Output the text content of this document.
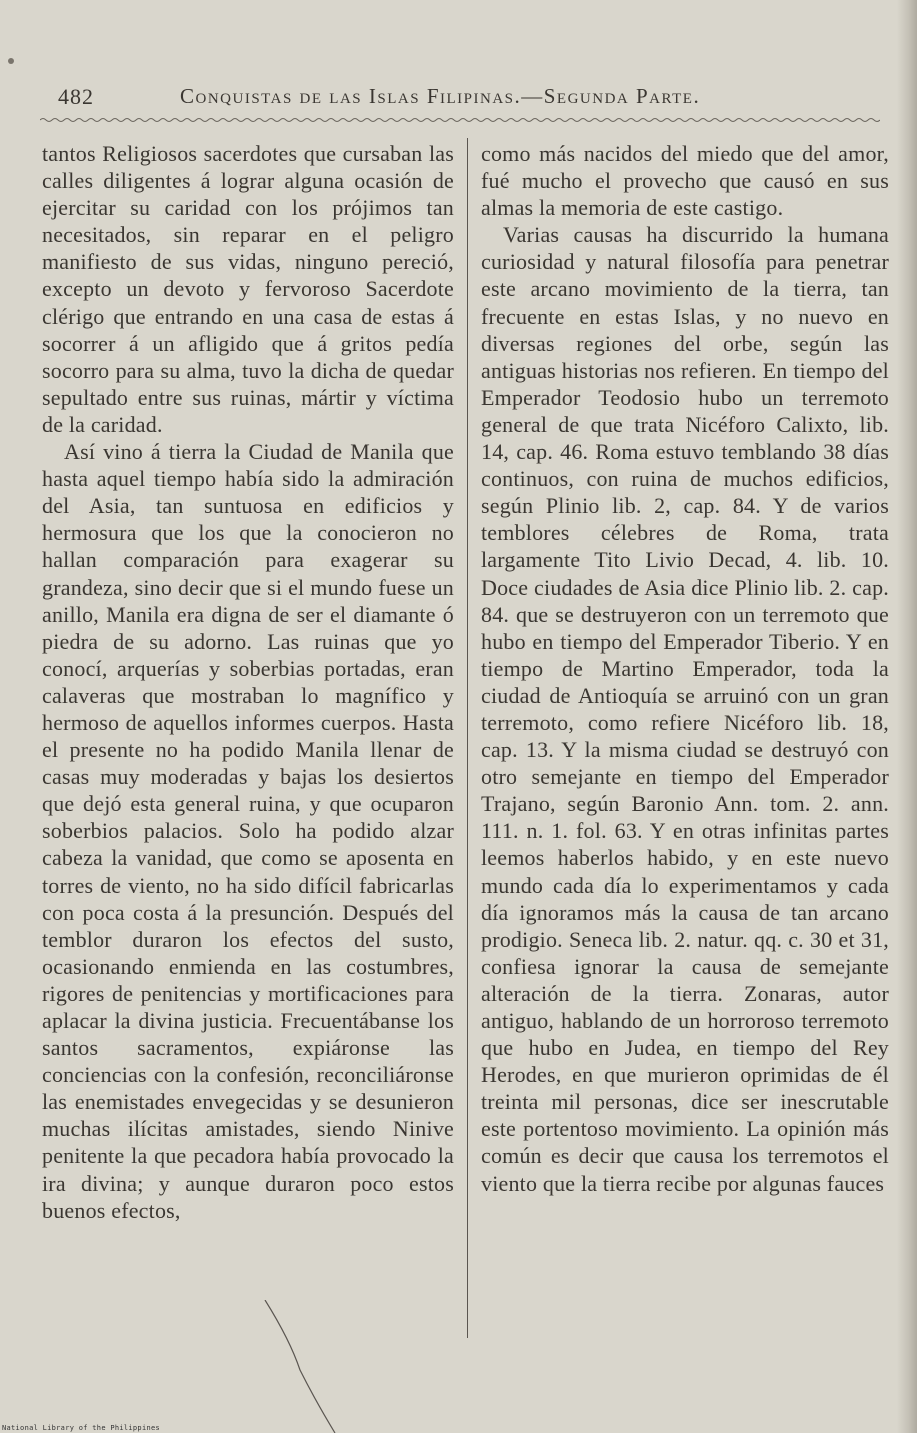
482	Conquistas de las Islas Filipinas.—Segunda Parte.

tantos Religiosos sacerdotes que cursaban las calles diligentes á lograr alguna ocasión de ejercitar su caridad con los prójimos tan necesitados, sin reparar en el peligro manifiesto de sus vidas, ninguno pereció, excepto un devoto y fervoroso Sacerdote clérigo que entrando en una casa de estas á socorrer á un afligido que á gritos pedía socorro para su alma, tuvo la dicha de quedar sepultado entre sus ruinas, mártir y víctima de la caridad.

Así vino á tierra la Ciudad de Manila que hasta aquel tiempo había sido la admiración del Asia, tan suntuosa en edificios y hermosura que los que la conocieron no hallan comparación para exagerar su grandeza, sino decir que si el mundo fuese un anillo, Manila era digna de ser el diamante ó piedra de su adorno. Las ruinas que yo conocí, arquerías y soberbias portadas, eran calaveras que mostraban lo magnífico y hermoso de aquellos informes cuerpos. Hasta el presente no ha podido Manila llenar de casas muy moderadas y bajas los desiertos que dejó esta general ruina, y que ocuparon soberbios palacios. Solo ha podido alzar cabeza la vanidad, que como se aposenta en torres de viento, no ha sido difícil fabricarlas con poca costa á la presunción. Después del temblor duraron los efectos del susto, ocasionando enmienda en las costumbres, rigores de penitencias y mortificaciones para aplacar la divina justicia. Frecuentábanse los santos sacramentos, expiáronse las conciencias con la confesión, reconciliáronse las enemistades envegecidas y se desunieron muchas ilícitas amistades, siendo Ninive penitente la que pecadora había provocado la ira divina; y aunque duraron poco estos buenos efectos,

como más nacidos del miedo que del amor, fué mucho el provecho que causó en sus almas la memoria de este castigo.

Varias causas ha discurrido la humana curiosidad y natural filosofía para penetrar este arcano movimiento de la tierra, tan frecuente en estas Islas, y no nuevo en diversas regiones del orbe, según las antiguas historias nos refieren. En tiempo del Emperador Teodosio hubo un terremoto general de que trata Nicéforo Calixto, lib. 14, cap. 46. Roma estuvo temblando 38 días continuos, con ruina de muchos edificios, según Plinio lib. 2, cap. 84. Y de varios temblores célebres de Roma, trata largamente Tito Livio Decad, 4. lib. 10. Doce ciudades de Asia dice Plinio lib. 2. cap. 84. que se destruyeron con un terremoto que hubo en tiempo del Emperador Tiberio. Y en tiempo de Martino Emperador, toda la ciudad de Antioquía se arruinó con un gran terremoto, como refiere Nicéforo lib. 18, cap. 13. Y la misma ciudad se destruyó con otro semejante en tiempo del Emperador Trajano, según Baronio Ann. tom. 2. ann. 111. n. 1. fol. 63. Y en otras infinitas partes leemos haberlos habido, y en este nuevo mundo cada día lo experimentamos y cada día ignoramos más la causa de tan arcano prodigio. Seneca lib. 2. natur. qq. c. 30 et 31, confiesa ignorar la causa de semejante alteración de la tierra. Zonaras, autor antiguo, hablando de un horroroso terremoto que hubo en Judea, en tiempo del Rey Herodes, en que murieron oprimidas de él treinta mil personas, dice ser inescrutable este portentoso movimiento. La opinión más común es decir que causa los terremotos el viento que la tierra recibe por algunas fauces

National Library of the Philippines
